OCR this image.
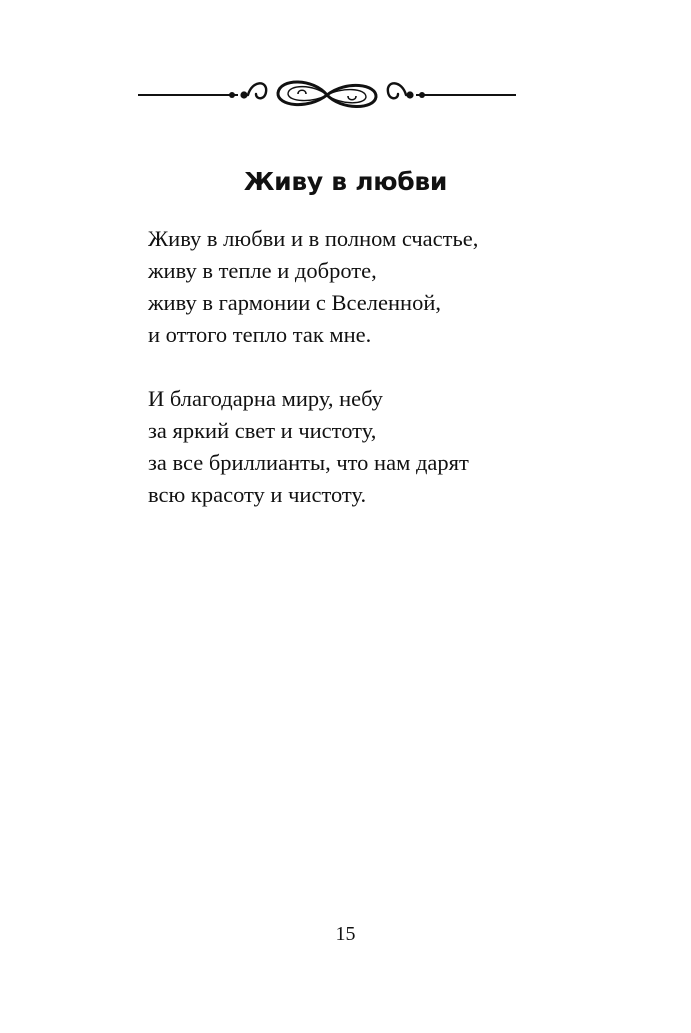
Живу в любви

Живу в любви и в полном счастье,
живу в тепле и доброте,
живу в гармонии с Вселенной,
и оттого тепло так мне.

И благодарна миру, небу
за яркий свет и чистоту,
за все бриллианты, что нам дарят
всю красоту и чистоту.

15
